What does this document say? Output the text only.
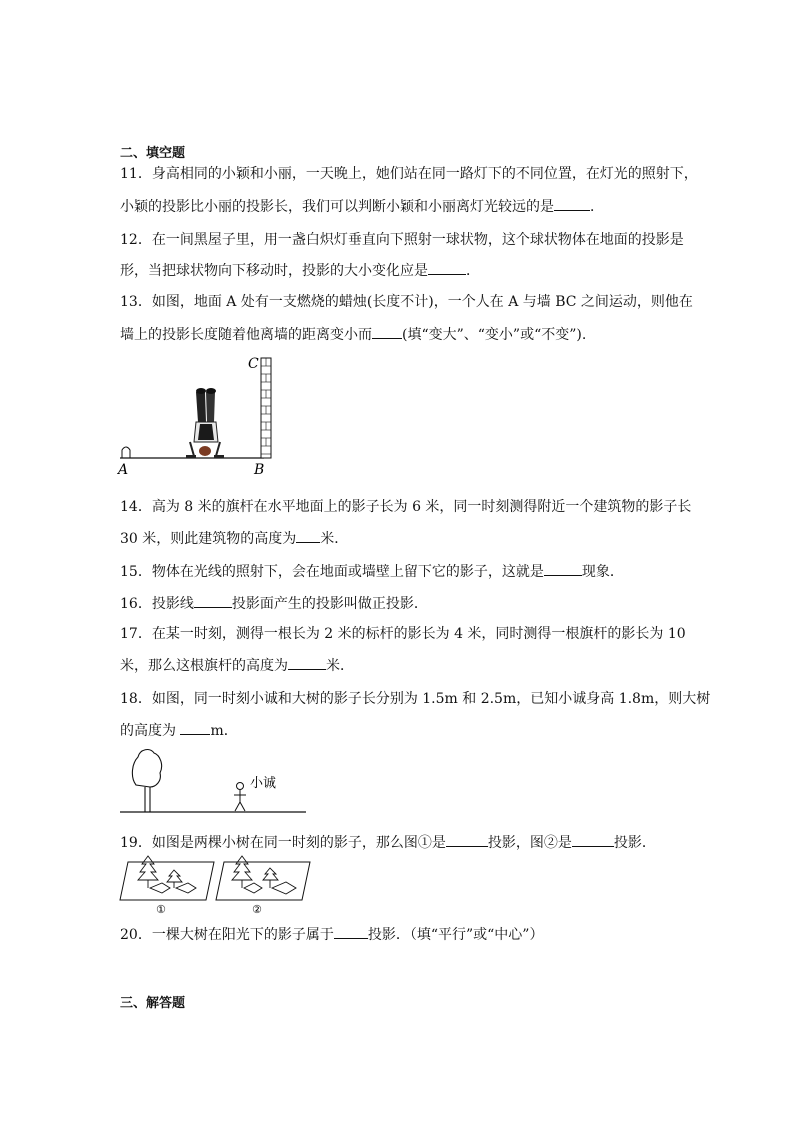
二、填空题
11．身高相同的小颖和小丽，一天晚上，她们站在同一路灯下的不同位置，在灯光的照射下，
小颖的投影比小丽的投影长，我们可以判断小颖和小丽离灯光较远的是	．
12．在一间黑屋子里，用一盏白炽灯垂直向下照射一球状物，这个球状物体在地面的投影是
形，当把球状物向下移动时，投影的大小变化应是	．
13．如图，地面 A 处有一支燃烧的蜡烛(长度不计)，一个人在 A 与墙 BC 之间运动，则他在
墙上的投影长度随着他离墙的距离变小而 (填“变大”、“变小”或“不变”).
A	B
C
14．高为 8 米的旗杆在水平地面上的影子长为 6 米，同一时刻测得附近一个建筑物的影子长
30 米，则此建筑物的高度为 米．
15．物体在光线的照射下，会在地面或墙壁上留下它的影子，这就是	现象．
16．投影线	投影面产生的投影叫做正投影．
17．在某一时刻，测得一根长为 2 米的标杆的影长为 4 米，同时测得一根旗杆的影长为 10
米，那么这根旗杆的高度为	米．
18．如图，同一时刻小诚和大树的影子长分别为 1.5m 和 2.5m，已知小诚身高 1.8m，则大树
的高度为 m．
小诚
19．如图是两棵小树在同一时刻的影子，那么图①是	投影，图②是	投影．
①	②
20．一棵大树在阳光下的影子属于 投影．（填“平行”或“中心”）
三、解答题
